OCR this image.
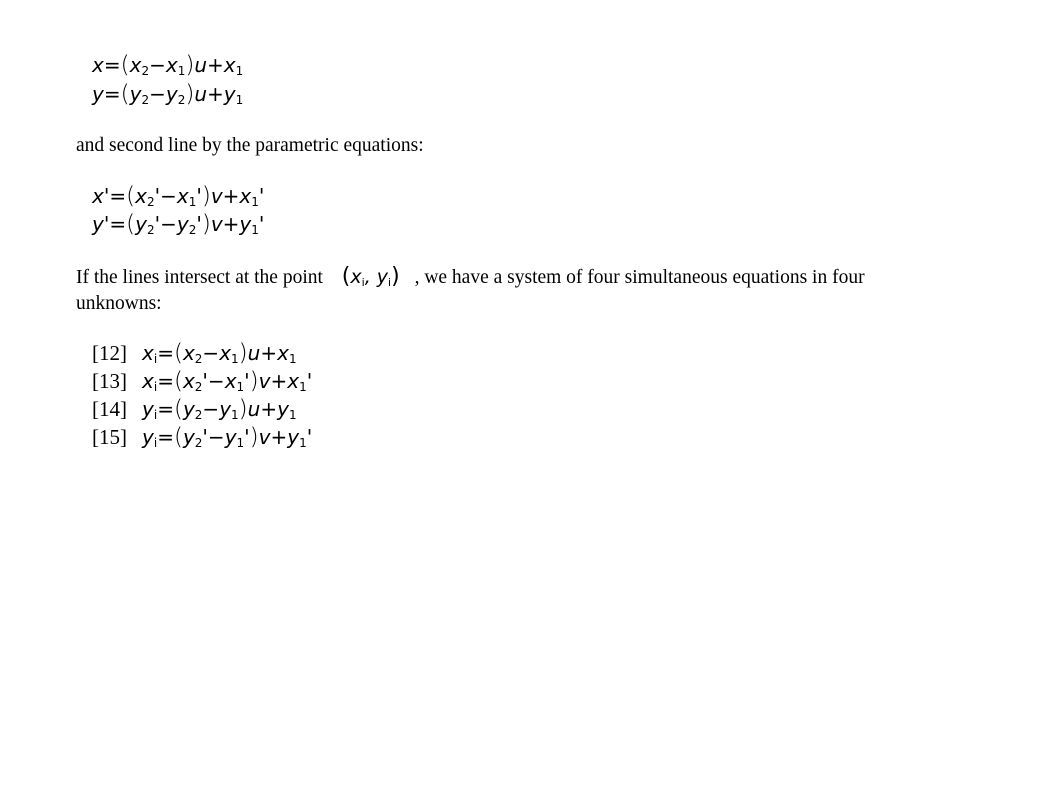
$x=(x_2-x_1)u+x_1$
$y=(y_2-y_2)u+y_1$
and second line by the parametric equations:
$x'=(x_2'-x_1')v+x_1'$
$y'=(y_2'-y_2')v+y_1'$
If the lines intersect at the point ($x_i$, $y_i$) , we have a system of four simultaneous equations in four
unknowns:
[12] $x_i=(x_2-x_1)u+x_1$
[13] $x_i=(x_2'-x_1')v+x_1'$
[14] $y_i=(y_2-y_1)u+y_1$
[15] $y_i=(y_2'-y_1')v+y_1'$
